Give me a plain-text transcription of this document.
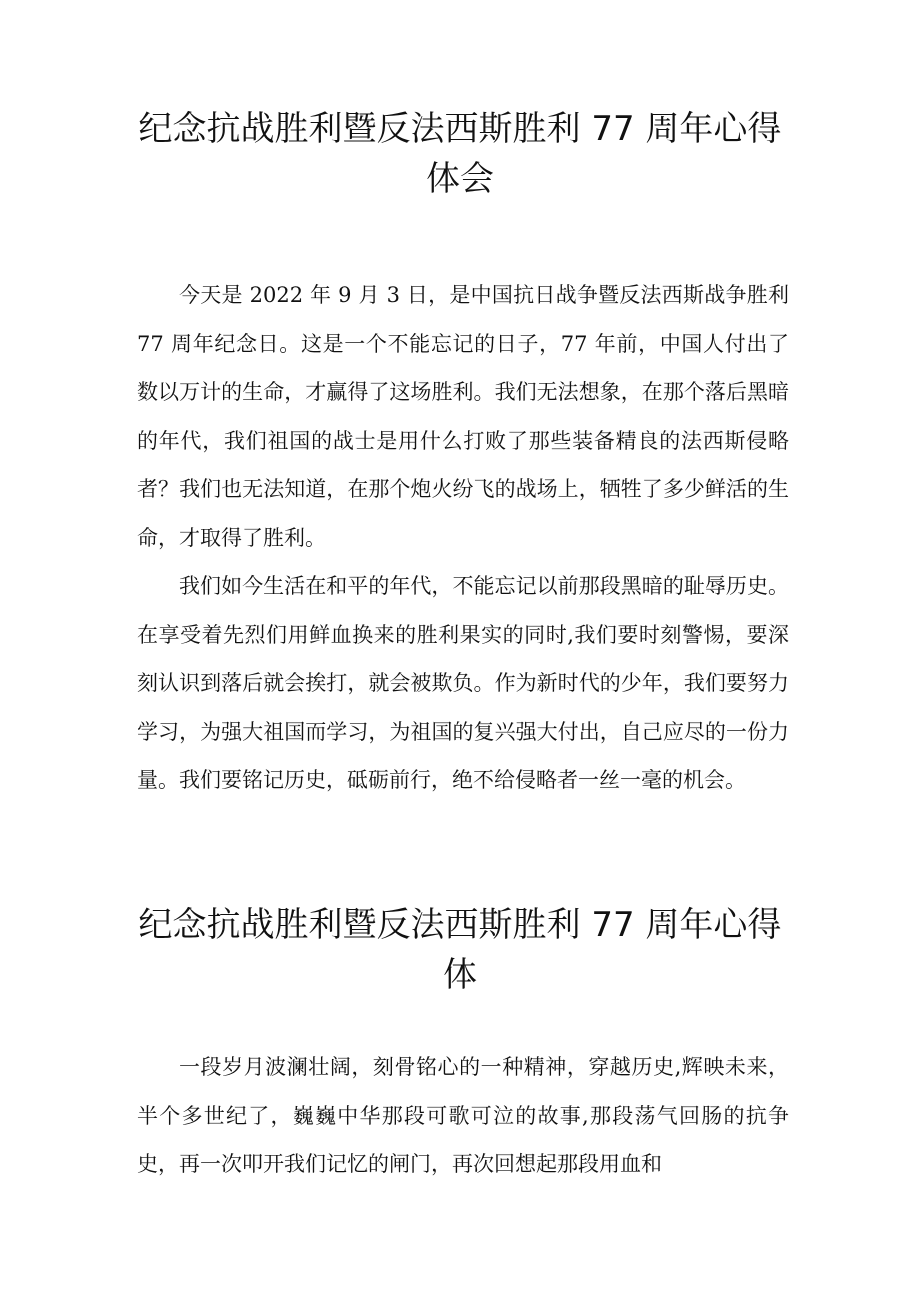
纪念抗战胜利暨反法西斯胜利 77 周年心得
体会

今天是 2022 年 9 月 3 日，是中国抗日战争暨反法西斯战争胜利 77 周年纪念日。这是一个不能忘记的日子，77 年前，中国人付出了数以万计的生命，才赢得了这场胜利。我们无法想象，在那个落后黑暗的年代，我们祖国的战士是用什么打败了那些装备精良的法西斯侵略者？我们也无法知道，在那个炮火纷飞的战场上，牺牲了多少鲜活的生命，才取得了胜利。

我们如今生活在和平的年代，不能忘记以前那段黑暗的耻辱历史。在享受着先烈们用鲜血换来的胜利果实的同时,我们要时刻警惕，要深刻认识到落后就会挨打，就会被欺负。作为新时代的少年，我们要努力学习，为强大祖国而学习，为祖国的复兴强大付出，自己应尽的一份力量。我们要铭记历史，砥砺前行，绝不给侵略者一丝一毫的机会。

纪念抗战胜利暨反法西斯胜利 77 周年心得
体

一段岁月波澜壮阔，刻骨铭心的一种精神，穿越历史,辉映未来，半个多世纪了，巍巍中华那段可歌可泣的故事,那段荡气回肠的抗争史，再一次叩开我们记忆的闸门，再次回想起那段用血和
